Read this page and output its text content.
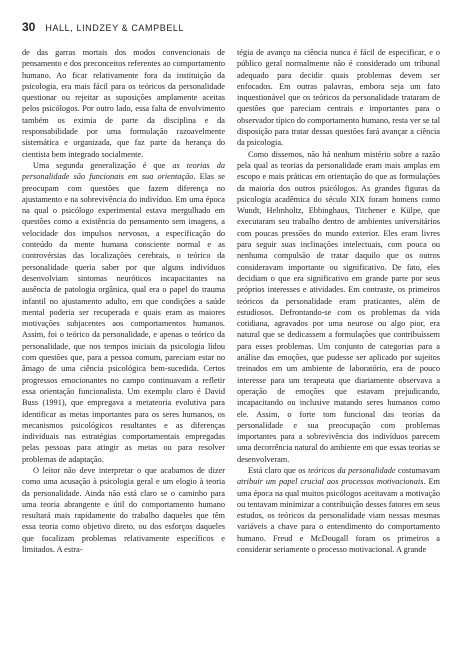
30 HALL, LINDZEY & CAMPBELL

de das garras mortais dos modos convencionais de pensamento e dos preconceitos referentes ao comportamento humano. Ao ficar relativamente fora da instituição da psicologia, era mais fácil para os teóricos da personalidade questionar ou rejeitar as suposições amplamente aceitas pelos psicólogos. Por outro lado, essa falta de envolvimento também os eximia de parte da disciplina e da responsabilidade por uma formulação razoavelmente sistemática e organizada, que faz parte da herança do cientista bem integrado socialmente.

Uma segunda generalização é que as teorias da personalidade são funcionais em sua orientação. Elas se preocupam com questões que fazem diferença no ajustamento e na sobrevivência do indivíduo. Em uma época na qual o psicólogo experimental estava mergulhado em questões como a existência do pensamento sem imagens, a velocidade dos impulsos nervosos, a especificação do conteúdo da mente humana consciente normal e as controvérsias das localizações cerebrais, o teórico da personalidade queria saber por que alguns indivíduos desenvolviam sintomas neuróticos incapacitantes na ausência de patologia orgânica, qual era o papel do trauma infantil no ajustamento adulto, em que condições a saúde mental poderia ser recuperada e quais eram as maiores motivações subjacentes aos comportamentos humanos. Assim, foi o teórico da personalidade, e apenas o teórico da personalidade, que nos tempos iniciais da psicologia lidou com questões que, para a pessoa comum, pareciam estar no âmago de uma ciência psicológica bem-sucedida. Certos progressos emocionantes no campo continuavam a refletir essa orientação funcionalista. Um exemplo claro é David Buss (1991), que empregava a metateoria evolutiva para identificar as metas importantes para os seres humanos, os mecanismos psicológicos resultantes e as diferenças individuais nas estratégias comportamentais empregadas pelas pessoas para atingir as metas ou para resolver problemas de adaptação.

O leitor não deve interpretar o que acabamos de dizer como uma acusação à psicologia geral e um elogio à teoria da personalidade. Ainda não está claro se o caminho para uma teoria abrangente e útil do comportamento humano resultará mais rapidamente do trabalho daqueles que têm essa teoria como objetivo direto, ou dos esforços daqueles que focalizam problemas relativamente específicos e limitados. A estra-

tégia de avanço na ciência nunca é fácil de especificar, e o público geral normalmente não é considerado um tribunal adequado para decidir quais problemas devem ser enfocados. Em outras palavras, embora seja um fato inquestionável que os teóricos da personalidade trataram de questões que pareciam centrais e importantes para o observador típico do comportamento humano, resta ver se tal disposição para tratar dessas questões fará avançar a ciência da psicologia.

Como dissemos, não há nenhum mistério sobre a razão pela qual as teorias da personalidade eram mais amplas em escopo e mais práticas em orientação do que as formulações da maioria dos outros psicólogos. As grandes figuras da psicologia acadêmica do século XIX foram homens como Wundt, Helmholtz, Ebbinghaus, Titchener e Külpe, que executaram seu trabalho dentro de ambientes universitários com poucas pressões do mundo exterior. Eles eram livres para seguir suas inclinações intelectuais, com pouca ou nenhuma compulsão de tratar daquilo que os outros consideravam importante ou significativo. De fato, eles decidiam o que era significativo em grande parte por seus próprios interesses e atividades. Em contraste, os primeiros teóricos da personalidade eram praticantes, além de estudiosos. Defrontando-se com os problemas da vida cotidiana, agravados por uma neurose ou algo pior, era natural que se dedicassem a formulações que contribuíssem para esses problemas. Um conjunto de categorias para a análise das emoções, que pudesse ser aplicado por sujeitos treinados em um ambiente de laboratório, era de pouco interesse para um terapeuta que diariamente observava a operação de emoções que estavam prejudicando, incapacitando ou inclusive matando seres humanos como ele. Assim, o forte tom funcional das teorias da personalidade e sua preocupação com problemas importantes para a sobrevivência dos indivíduos parecem uma decorrência natural do ambiente em que essas teorias se desenvolveram.

Está claro que os teóricos da personalidade costumavam atribuir um papel crucial aos processos motivacionais. Em uma época na qual muitos psicólogos aceitavam a motivação ou tentavam minimizar a contribuição desses fatores em seus estudos, os teóricos da personalidade viam nessas mesmas variáveis a chave para o entendimento do comportamento humano. Freud e McDougall foram os primeiros a considerar seriamente o processo motivacional. A grande
